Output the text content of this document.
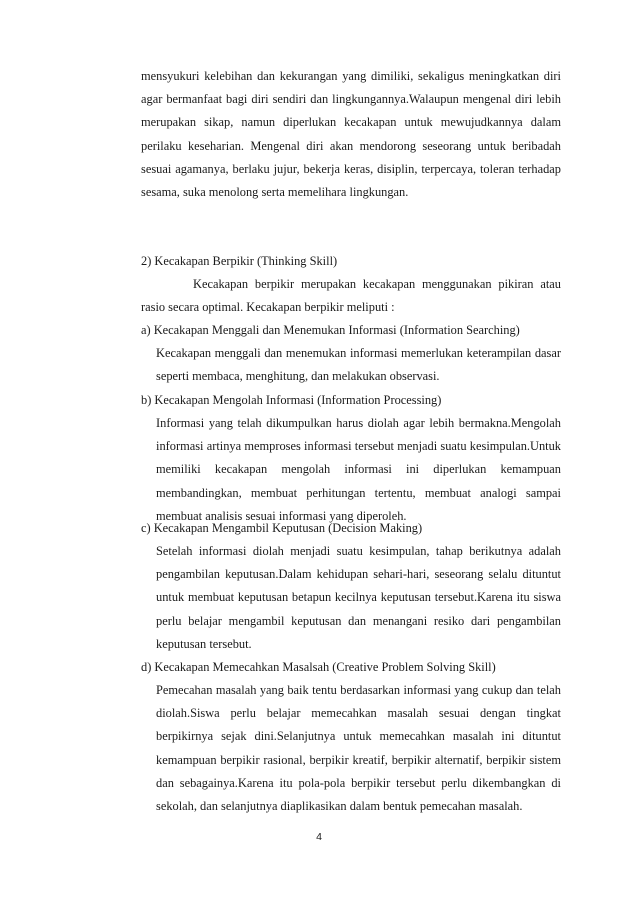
mensyukuri kelebihan dan kekurangan yang dimiliki, sekaligus meningkatkan diri agar bermanfaat bagi diri sendiri dan lingkungannya.Walaupun mengenal diri lebih merupakan sikap, namun diperlukan kecakapan untuk mewujudkannya dalam perilaku keseharian. Mengenal diri akan mendorong seseorang untuk beribadah sesuai agamanya, berlaku jujur, bekerja keras, disiplin, terpercaya, toleran terhadap sesama, suka menolong serta memelihara lingkungan.
2) Kecakapan Berpikir (Thinking Skill)
Kecakapan berpikir merupakan kecakapan menggunakan pikiran atau rasio secara optimal. Kecakapan berpikir meliputi :
a) Kecakapan Menggali dan Menemukan Informasi (Information Searching)
Kecakapan menggali dan menemukan informasi memerlukan keterampilan dasar seperti membaca, menghitung, dan melakukan observasi.
b) Kecakapan Mengolah Informasi (Information Processing)
Informasi yang telah dikumpulkan harus diolah agar lebih bermakna.Mengolah informasi artinya memproses informasi tersebut menjadi suatu kesimpulan.Untuk memiliki kecakapan mengolah informasi ini diperlukan kemampuan membandingkan, membuat perhitungan tertentu, membuat analogi sampai membuat analisis sesuai informasi yang diperoleh.
c) Kecakapan Mengambil Keputusan (Decision Making)
Setelah informasi diolah menjadi suatu kesimpulan, tahap berikutnya adalah pengambilan keputusan.Dalam kehidupan sehari-hari, seseorang selalu dituntut untuk membuat keputusan betapun kecilnya keputusan tersebut.Karena itu siswa perlu belajar mengambil keputusan dan menangani resiko dari pengambilan keputusan tersebut.
d) Kecakapan Memecahkan Masalsah (Creative Problem Solving Skill)
Pemecahan masalah yang baik tentu berdasarkan informasi yang cukup dan telah diolah.Siswa perlu belajar memecahkan masalah sesuai dengan tingkat berpikirnya sejak dini.Selanjutnya untuk memecahkan masalah ini dituntut kemampuan berpikir rasional, berpikir kreatif, berpikir alternatif, berpikir sistem dan sebagainya.Karena itu pola-pola berpikir tersebut perlu dikembangkan di sekolah, dan selanjutnya diaplikasikan dalam bentuk pemecahan masalah.
4
